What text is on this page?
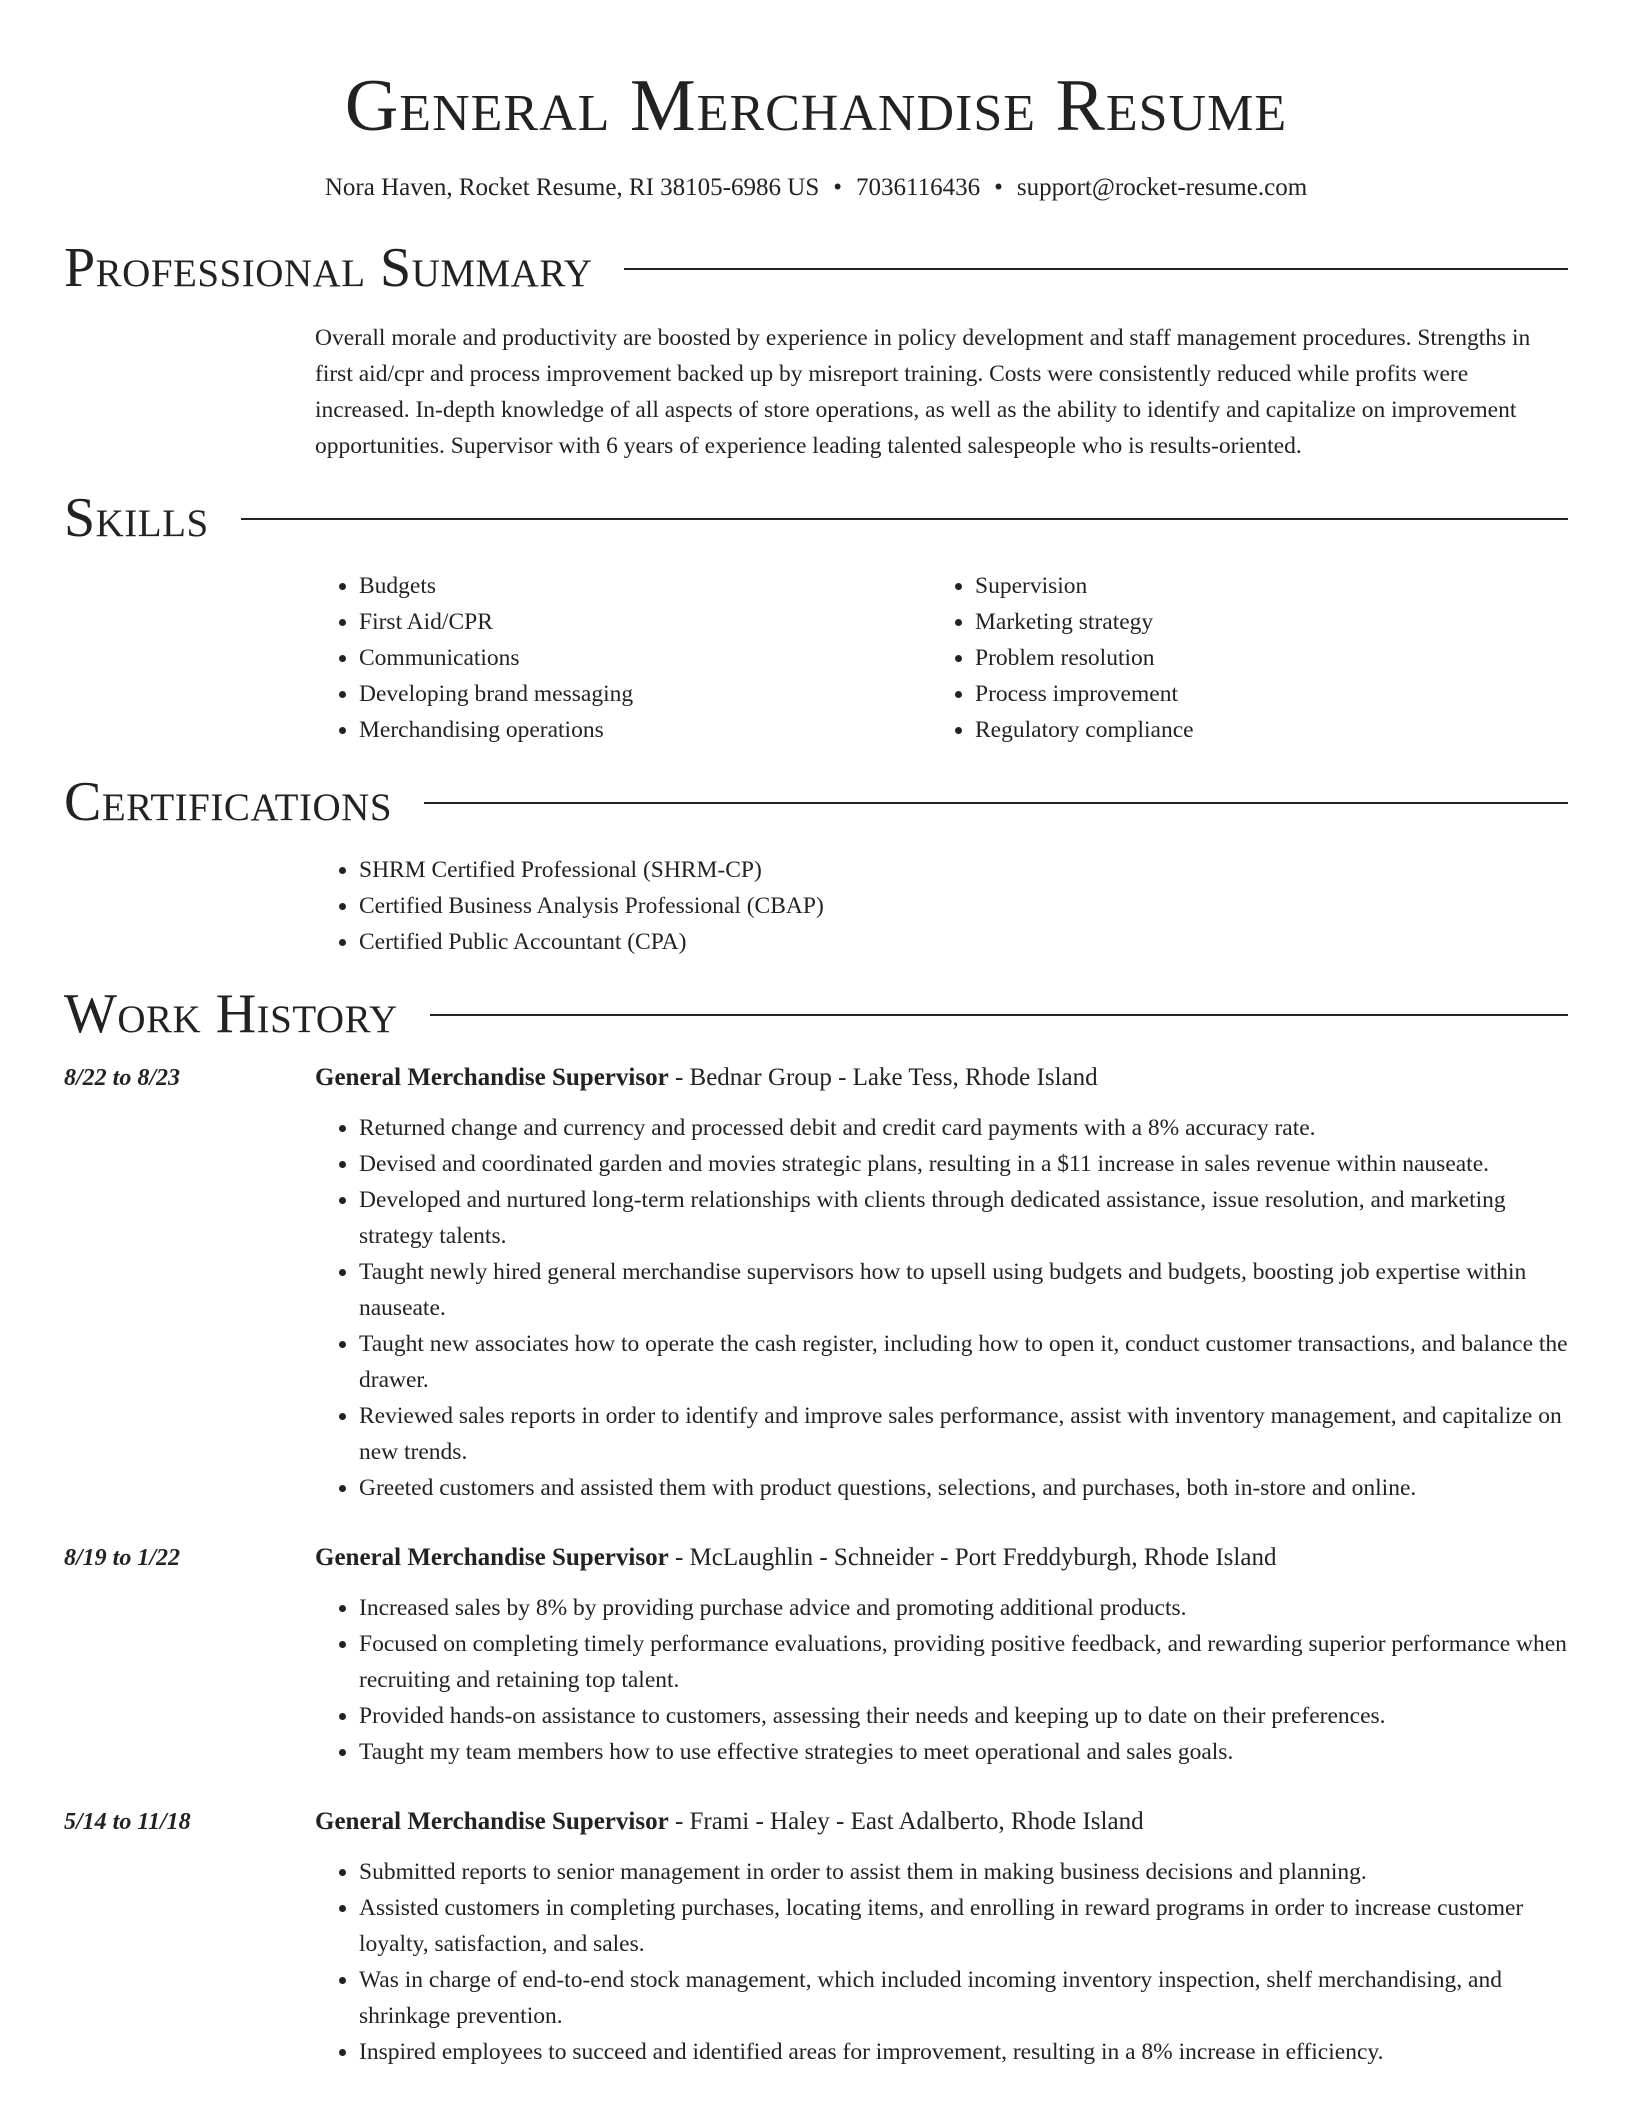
General Merchandise Resume
Nora Haven, Rocket Resume, RI 38105-6986 US • 7036116436 • support@rocket-resume.com
Professional Summary

Overall morale and productivity are boosted by experience in policy development and staff management procedures. Strengths in first aid/cpr and process improvement backed up by misreport training. Costs were consistently reduced while profits were increased. In-depth knowledge of all aspects of store operations, as well as the ability to identify and capitalize on improvement opportunities. Supervisor with 6 years of experience leading talented salespeople who is results-oriented.

Skills
• Budgets
• First Aid/CPR
• Communications
• Developing brand messaging
• Merchandising operations
• Supervision
• Marketing strategy
• Problem resolution
• Process improvement
• Regulatory compliance
Certifications
• SHRM Certified Professional (SHRM-CP)
• Certified Business Analysis Professional (CBAP)
• Certified Public Accountant (CPA)
Work History
8/22 to 8/23	General Merchandise Supervisor - Bednar Group - Lake Tess, Rhode Island
• Returned change and currency and processed debit and credit card payments with a 8% accuracy rate.
• Devised and coordinated garden and movies strategic plans, resulting in a $11 increase in sales revenue within nauseate.
• Developed and nurtured long-term relationships with clients through dedicated assistance, issue resolution, and marketing strategy talents.
• Taught newly hired general merchandise supervisors how to upsell using budgets and budgets, boosting job expertise within nauseate.
• Taught new associates how to operate the cash register, including how to open it, conduct customer transactions, and balance the drawer.
• Reviewed sales reports in order to identify and improve sales performance, assist with inventory management, and capitalize on new trends.
• Greeted customers and assisted them with product questions, selections, and purchases, both in-store and online.
8/19 to 1/22	General Merchandise Supervisor - McLaughlin - Schneider - Port Freddyburgh, Rhode Island
• Increased sales by 8% by providing purchase advice and promoting additional products.
• Focused on completing timely performance evaluations, providing positive feedback, and rewarding superior performance when recruiting and retaining top talent.
• Provided hands-on assistance to customers, assessing their needs and keeping up to date on their preferences.
• Taught my team members how to use effective strategies to meet operational and sales goals.
5/14 to 11/18	General Merchandise Supervisor - Frami - Haley - East Adalberto, Rhode Island
• Submitted reports to senior management in order to assist them in making business decisions and planning.
• Assisted customers in completing purchases, locating items, and enrolling in reward programs in order to increase customer loyalty, satisfaction, and sales.
• Was in charge of end-to-end stock management, which included incoming inventory inspection, shelf merchandising, and shrinkage prevention.
• Inspired employees to succeed and identified areas for improvement, resulting in a 8% increase in efficiency.
